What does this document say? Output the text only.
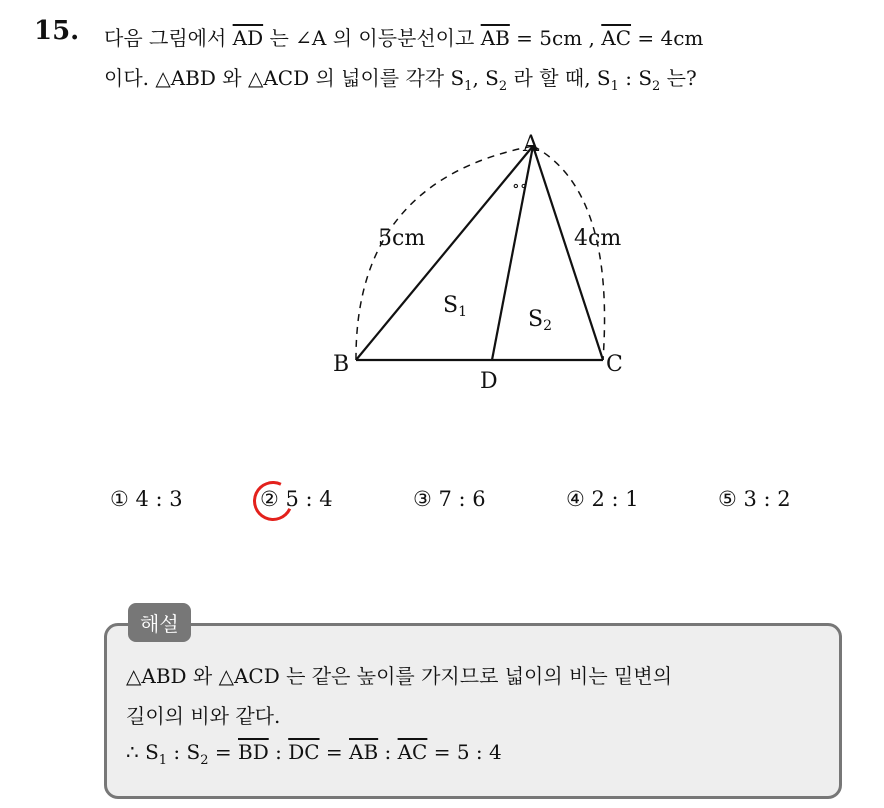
15. 다음 그림에서 $\overline{AD}$ 는 ∠A 의 이등분선이고 $\overline{AB} = 5cm$ , $\overline{AC} = 4cm$
이다. △ABD 와 △ACD 의 넓이를 각각 $S_1$, $S_2$ 라 할 때, $S_1$ : $S_2$ 는?
A
B	C
D
5cm	4cm
S1	S2
∘∘
① 4 : 3	② 5 : 4	③ 7 : 6	④ 2 : 1	⑤ 3 : 2
해설
△ABD 와 △ACD 는 같은 높이를 가지므로 넓이의 비는 밑변의
길이의 비와 같다.
∴ $S_1$ : $S_2 = \overline{BD}$ : $\overline{DC} = \overline{AB}$ : $\overline{AC} = 5$ : 4
